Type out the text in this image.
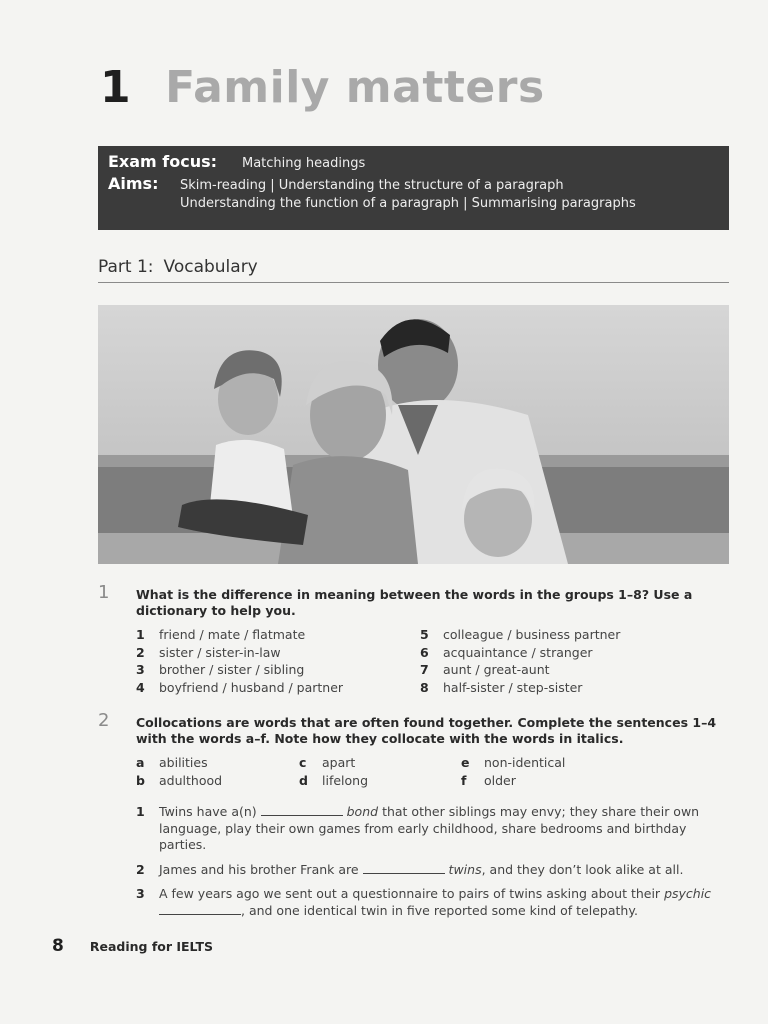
1 Family matters
Exam focus:	Matching headings
Aims:	Skim-reading | Understanding the structure of a paragraph
Understanding the function of a paragraph | Summarising paragraphs
Part 1: Vocabulary
1 What is the difference in meaning between the words in the groups 1–8? Use a dictionary to help you.
1 friend / mate / flatmate
2 sister / sister-in-law
3 brother / sister / sibling
4 boyfriend / husband / partner
5 colleague / business partner
6 acquaintance / stranger
7 aunt / great-aunt
8 half-sister / step-sister
2 Collocations are words that are often found together. Complete the sentences 1–4 with the words a–f. Note how they collocate with the words in italics.
a abilities
b adulthood
c apart
d lifelong
e non-identical
f older
1 Twins have a(n)	bond that other siblings may envy; they share their own language, play their own games from early childhood, share bedrooms and birthday parties.
2 James and his brother Frank are	twins, and they don’t look alike at all.
3 A few years ago we sent out a questionnaire to pairs of twins asking about their psychic , and one identical twin in five reported some kind of telepathy.
8 Reading for IELTS
